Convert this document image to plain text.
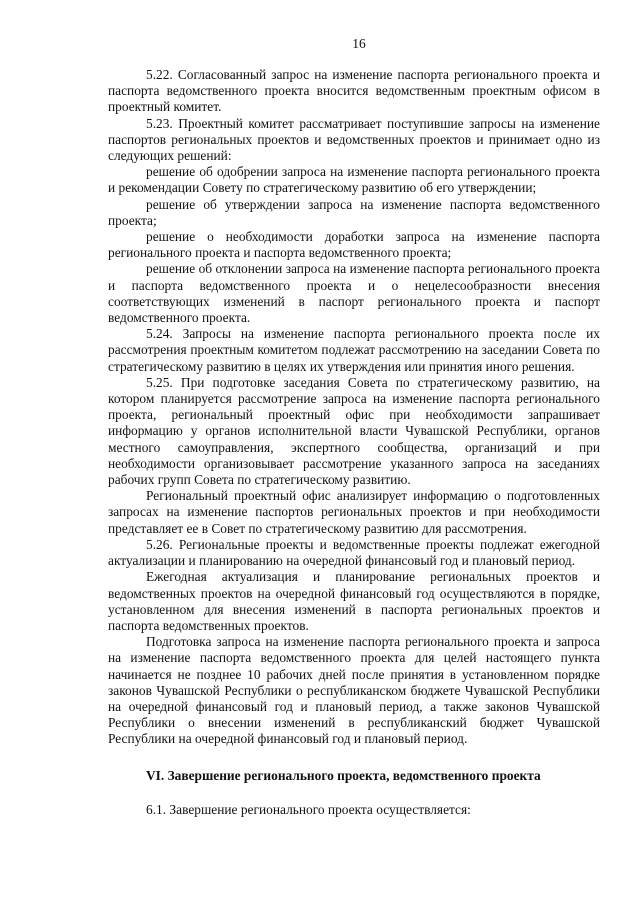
16

5.22. Согласованный запрос на изменение паспорта регионального проекта и паспорта ведомственного проекта вносится ведомственным проектным офисом в проектный комитет.

5.23. Проектный комитет рассматривает поступившие запросы на изменение паспортов региональных проектов и ведомственных проектов и принимает одно из следующих решений:

решение об одобрении запроса на изменение паспорта регионального проекта и рекомендации Совету по стратегическому развитию об его утверждении;

решение об утверждении запроса на изменение паспорта ведомственного проекта;

решение о необходимости доработки запроса на изменение паспорта регионального проекта и паспорта ведомственного проекта;

решение об отклонении запроса на изменение паспорта регионального проекта и паспорта ведомственного проекта и о нецелесообразности внесения соответствующих изменений в паспорт регионального проекта и паспорт ведомственного проекта.

5.24. Запросы на изменение паспорта регионального проекта после их рассмотрения проектным комитетом подлежат рассмотрению на заседании Совета по стратегическому развитию в целях их утверждения или принятия иного решения.

5.25. При подготовке заседания Совета по стратегическому развитию, на котором планируется рассмотрение запроса на изменение паспорта регионального проекта, региональный проектный офис при необходимости запрашивает информацию у органов исполнительной власти Чувашской Республики, органов местного самоуправления, экспертного сообщества, организаций и при необходимости организовывает рассмотрение указанного запроса на заседаниях рабочих групп Совета по стратегическому развитию.

Региональный проектный офис анализирует информацию о подготовленных запросах на изменение паспортов региональных проектов и при необходимости представляет ее в Совет по стратегическому развитию для рассмотрения.

5.26. Региональные проекты и ведомственные проекты подлежат ежегодной актуализации и планированию на очередной финансовый год и плановый период.

Ежегодная актуализация и планирование региональных проектов и ведомственных проектов на очередной финансовый год осуществляются в порядке, установленном для внесения изменений в паспорта региональных проектов и паспорта ведомственных проектов.

Подготовка запроса на изменение паспорта регионального проекта и запроса на изменение паспорта ведомственного проекта для целей настоящего пункта начинается не позднее 10 рабочих дней после принятия в установленном порядке законов Чувашской Республики о республиканском бюджете Чувашской Республики на очередной финансовый год и плановый период, а также законов Чувашской Республики о внесении изменений в республиканский бюджет Чувашской Республики на очередной финансовый год и плановый период.

VI. Завершение регионального проекта, ведомственного проекта

6.1. Завершение регионального проекта осуществляется:
